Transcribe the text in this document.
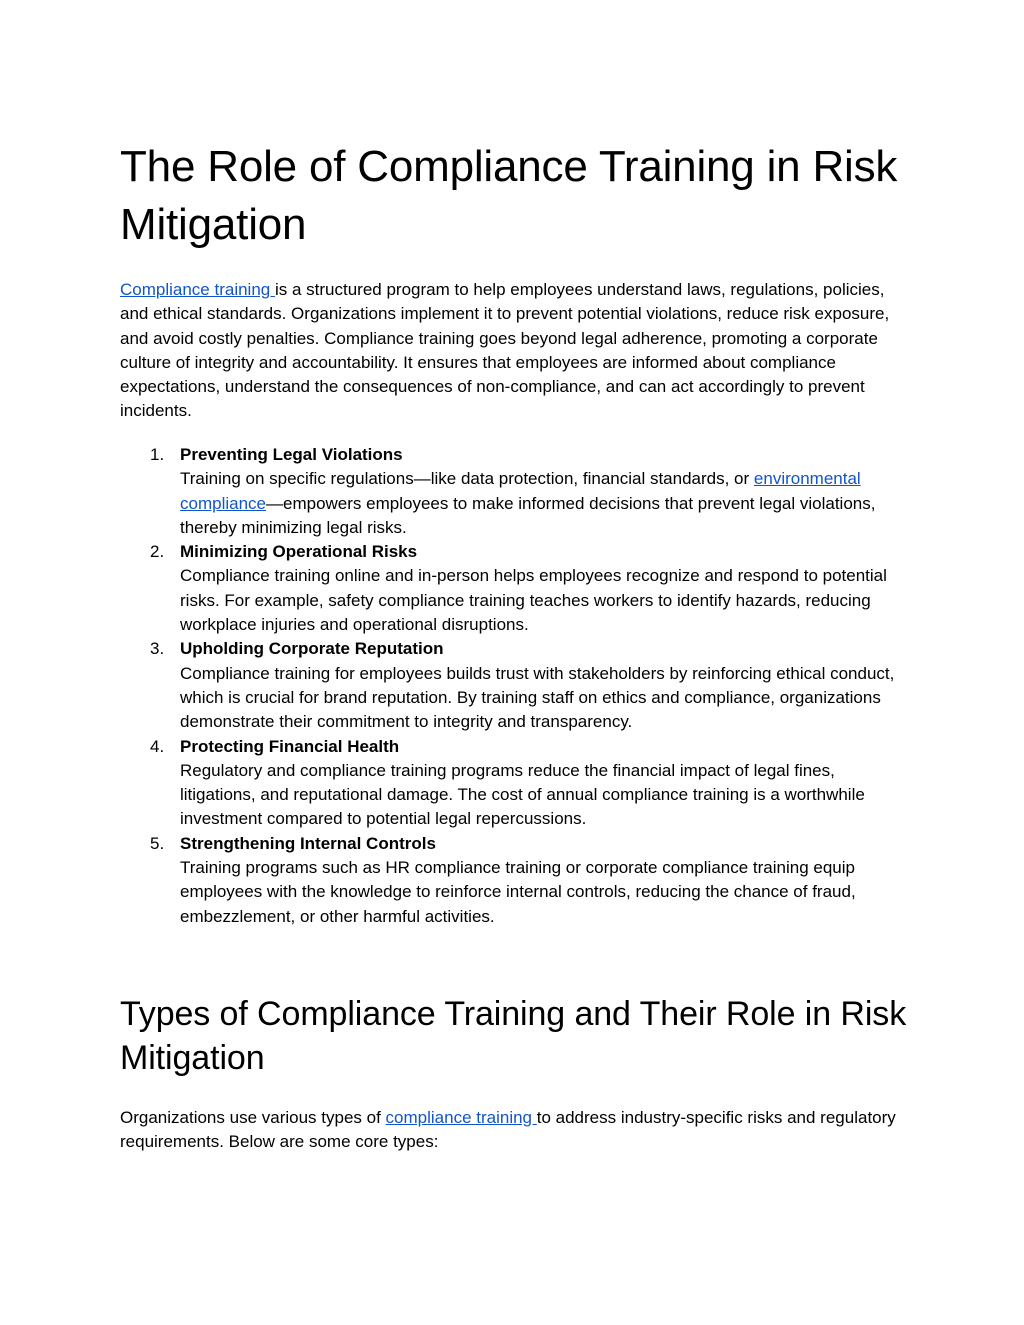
The Role of Compliance Training in Risk Mitigation

Compliance training is a structured program to help employees understand laws, regulations, policies, and ethical standards. Organizations implement it to prevent potential violations, reduce risk exposure, and avoid costly penalties. Compliance training goes beyond legal adherence, promoting a corporate culture of integrity and accountability. It ensures that employees are informed about compliance expectations, understand the consequences of non-compliance, and can act accordingly to prevent incidents.

1. Preventing Legal Violations
Training on specific regulations—like data protection, financial standards, or environmental compliance—empowers employees to make informed decisions that prevent legal violations, thereby minimizing legal risks.
2. Minimizing Operational Risks
Compliance training online and in-person helps employees recognize and respond to potential risks. For example, safety compliance training teaches workers to identify hazards, reducing workplace injuries and operational disruptions.
3. Upholding Corporate Reputation
Compliance training for employees builds trust with stakeholders by reinforcing ethical conduct, which is crucial for brand reputation. By training staff on ethics and compliance, organizations demonstrate their commitment to integrity and transparency.
4. Protecting Financial Health
Regulatory and compliance training programs reduce the financial impact of legal fines, litigations, and reputational damage. The cost of annual compliance training is a worthwhile investment compared to potential legal repercussions.
5. Strengthening Internal Controls
Training programs such as HR compliance training or corporate compliance training equip employees with the knowledge to reinforce internal controls, reducing the chance of fraud, embezzlement, or other harmful activities.
Types of Compliance Training and Their Role in Risk Mitigation

Organizations use various types of compliance training to address industry-specific risks and regulatory requirements. Below are some core types:
